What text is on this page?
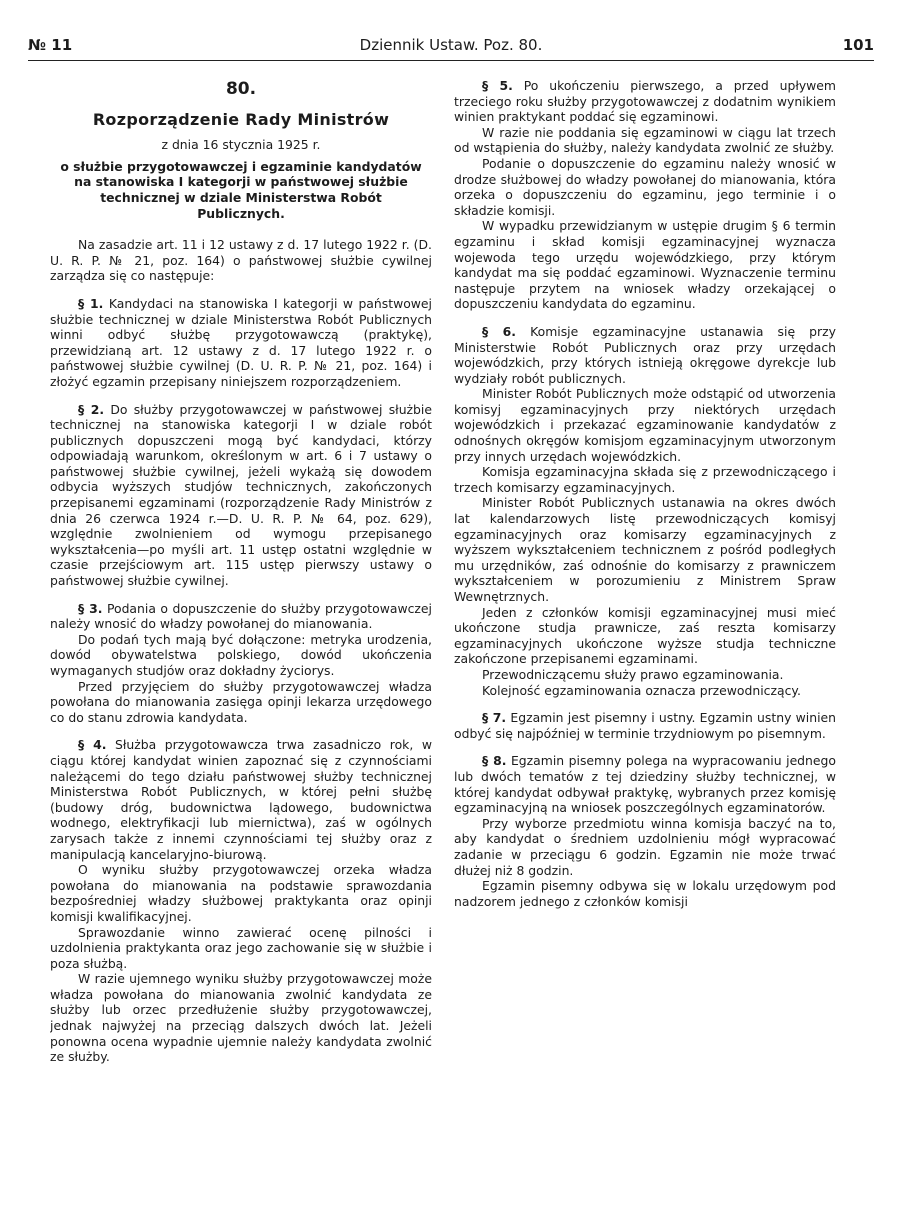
№ 11	Dziennik Ustaw. Poz. 80.	101
80.
Rozporządzenie Rady Ministrów
z dnia 16 stycznia 1925 r.
o służbie przygotowawczej i egzaminie kandydatów na stanowiska I kategorji w państwowej służbie technicznej w dziale Ministerstwa Robót Publicznych.

Na zasadzie art. 11 i 12 ustawy z d. 17 lutego 1922 r. (D. U. R. P. № 21, poz. 164) o państwowej służbie cywilnej zarządza się co następuje:

§ 1. Kandydaci na stanowiska I kategorji w państwowej służbie technicznej w dziale Ministerstwa Robót Publicznych winni odbyć służbę przygotowawczą (praktykę), przewidzianą art. 12 ustawy z d. 17 lutego 1922 r. o państwowej służbie cywilnej (D. U. R. P. № 21, poz. 164) i złożyć egzamin przepisany niniejszem rozporządzeniem.

§ 2. Do służby przygotowawczej w państwowej służbie technicznej na stanowiska kategorji I w dziale robót publicznych dopuszczeni mogą być kandydaci, którzy odpowiadają warunkom, określonym w art. 6 i 7 ustawy o państwowej służbie cywilnej, jeżeli wykażą się dowodem odbycia wyższych studjów technicznych, zakończonych przepisanemi egzaminami (rozporządzenie Rady Ministrów z dnia 26 czerwca 1924 r.—D. U. R. P. № 64, poz. 629), względnie zwolnieniem od wymogu przepisanego wykształcenia—po myśli art. 11 ustęp ostatni względnie w czasie przejściowym art. 115 ustęp pierwszy ustawy o państwowej służbie cywilnej.

§ 3. Podania o dopuszczenie do służby przygotowawczej należy wnosić do władzy powołanej do mianowania.

Do podań tych mają być dołączone: metryka urodzenia, dowód obywatelstwa polskiego, dowód ukończenia wymaganych studjów oraz dokładny życiorys.

Przed przyjęciem do służby przygotowawczej władza powołana do mianowania zasięga opinji lekarza urzędowego co do stanu zdrowia kandydata.

§ 4. Służba przygotowawcza trwa zasadniczo rok, w ciągu której kandydat winien zapoznać się z czynnościami należącemi do tego działu państwowej służby technicznej Ministerstwa Robót Publicznych, w której pełni służbę (budowy dróg, budownictwa lądowego, budownictwa wodnego, elektryfikacji lub miernictwa), zaś w ogólnych zarysach także z innemi czynnościami tej służby oraz z manipulacją kancelaryjno-biurową.

O wyniku służby przygotowawczej orzeka władza powołana do mianowania na podstawie sprawozdania bezpośredniej władzy służbowej praktykanta oraz opinji komisji kwalifikacyjnej.

Sprawozdanie winno zawierać ocenę pilności i uzdolnienia praktykanta oraz jego zachowanie się w służbie i poza służbą.

W razie ujemnego wyniku służby przygotowawczej może władza powołana do mianowania zwolnić kandydata ze służby lub orzec przedłużenie służby przygotowawczej, jednak najwyżej na przeciąg dalszych dwóch lat. Jeżeli ponowna ocena wypadnie ujemnie należy kandydata zwolnić ze służby.

§ 5. Po ukończeniu pierwszego, a przed upływem trzeciego roku służby przygotowawczej z dodatnim wynikiem winien praktykant poddać się egzaminowi.

W razie nie poddania się egzaminowi w ciągu lat trzech od wstąpienia do służby, należy kandydata zwolnić ze służby.

Podanie o dopuszczenie do egzaminu należy wnosić w drodze służbowej do władzy powołanej do mianowania, która orzeka o dopuszczeniu do egzaminu, jego terminie i o składzie komisji.

W wypadku przewidzianym w ustępie drugim § 6 termin egzaminu i skład komisji egzaminacyjnej wyznacza wojewoda tego urzędu wojewódzkiego, przy którym kandydat ma się poddać egzaminowi. Wyznaczenie terminu następuje przytem na wniosek władzy orzekającej o dopuszczeniu kandydata do egzaminu.

§ 6. Komisje egzaminacyjne ustanawia się przy Ministerstwie Robót Publicznych oraz przy urzędach wojewódzkich, przy których istnieją okręgowe dyrekcje lub wydziały robót publicznych.

Minister Robót Publicznych może odstąpić od utworzenia komisyj egzaminacyjnych przy niektórych urzędach wojewódzkich i przekazać egzaminowanie kandydatów z odnośnych okręgów komisjom egzaminacyjnym utworzonym przy innych urzędach wojewódzkich.

Komisja egzaminacyjna składa się z przewodniczącego i trzech komisarzy egzaminacyjnych.

Minister Robót Publicznych ustanawia na okres dwóch lat kalendarzowych listę przewodniczących komisyj egzaminacyjnych oraz komisarzy egzaminacyjnych z wyższem wykształceniem technicznem z pośród podległych mu urzędników, zaś odnośnie do komisarzy z prawniczem wykształceniem w porozumieniu z Ministrem Spraw Wewnętrznych.

Jeden z członków komisji egzaminacyjnej musi mieć ukończone studja prawnicze, zaś reszta komisarzy egzaminacyjnych ukończone wyższe studja techniczne zakończone przepisanemi egzaminami.

Przewodniczącemu służy prawo egzaminowania.

Kolejność egzaminowania oznacza przewodniczący.

§ 7. Egzamin jest pisemny i ustny. Egzamin ustny winien odbyć się najpóźniej w terminie trzydniowym po pisemnym.

§ 8. Egzamin pisemny polega na wypracowaniu jednego lub dwóch tematów z tej dziedziny służby technicznej, w której kandydat odbywał praktykę, wybranych przez komisję egzaminacyjną na wniosek poszczególnych egzaminatorów.

Przy wyborze przedmiotu winna komisja baczyć na to, aby kandydat o średniem uzdolnieniu mógł wypracować zadanie w przeciągu 6 godzin. Egzamin nie może trwać dłużej niż 8 godzin.

Egzamin pisemny odbywa się w lokalu urzędowym pod nadzorem jednego z członków komisji
